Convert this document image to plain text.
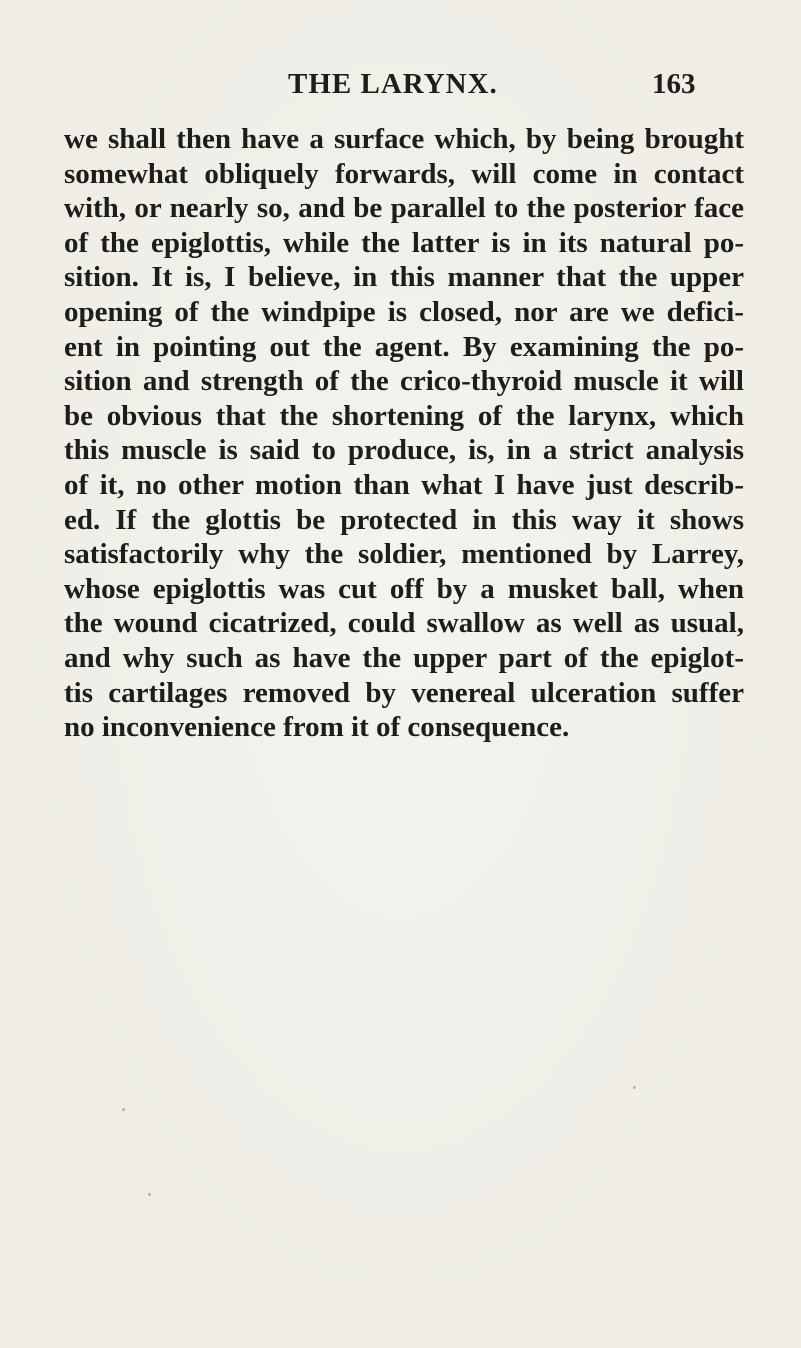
THE LARYNX.	163
we shall then have a surface which, by being brought
somewhat obliquely forwards, will come in contact
with, or nearly so, and be parallel to the posterior face
of the epiglottis, while the latter is in its natural po-
sition. It is, I believe, in this manner that the upper
opening of the windpipe is closed, nor are we defici-
ent in pointing out the agent. By examining the po-
sition and strength of the crico-thyroid muscle it will
be obvious that the shortening of the larynx, which
this muscle is said to produce, is, in a strict analysis
of it, no other motion than what I have just describ-
ed. If the glottis be protected in this way it shows
satisfactorily why the soldier, mentioned by Larrey,
whose epiglottis was cut off by a musket ball, when
the wound cicatrized, could swallow as well as usual,
and why such as have the upper part of the epiglot-
tis cartilages removed by venereal ulceration suffer
no inconvenience from it of consequence.
